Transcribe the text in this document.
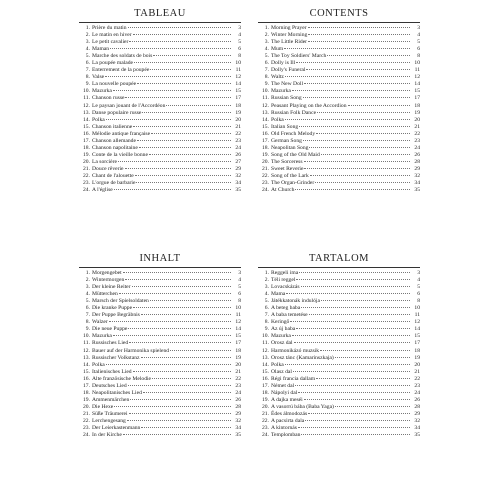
TABLEAU
1. Prière du matin	3
2. Le matin en hiver	4
3. Le petit cavalier	5
4. Maman	6
5. Marche des soldats de bois	8
6. La poupée malade	10
7. Enterrement de la poupée	11
8. Valse	12
9. La nouvelle poupée	14
10. Mazurka	15
11. Chanson russe	17
12. Le paysan jouant de l'Accordéon	18
13. Danse populaire russe	19
14. Polka	20
15. Chanson italienne	21
16. Mélodie antique française	22
17. Chanson allemande	23
18. Chanson napolitaine	24
19. Conte de la vieille bonne	26
20. La sorcière	27
21. Douce rêverie	29
22. Chant de l'alouette	32
23. L'orgue de barbarie	34
24. A l'église	35
CONTENTS
1. Morning Prayer	3
2. Winter Morning	4
3. The Little Rider	5
4. Mum	6
5. The Toy Soldiers' March	8
6. Dolly is Ill	10
7. Dolly's Funeral	11
8. Waltz	12
9. The New Doll	14
10. Mazurka	15
11. Russian Song	17
12. Peasant Playing on the Accordion	18
13. Russian Folk Dance	19
14. Polka	20
15. Italian Song	21
16. Old French Melody	22
17. German Song	23
18. Neapolitan Song	24
19. Song of the Old Maid	26
20. The Sorceress	28
21. Sweet Reverie	29
22. Song of the Lark	32
23. The Organ-Grinder	34
24. At Church	35
INHALT
1. Morgengebet	3
2. Wintermorgen	4
3. Der kleine Reiter	5
4. Mütterchen	6
5. Marsch der Spielsoldaten	8
6. Die kranke Puppe	10
7. Der Puppe Begräbnis	11
8. Walzer	12
9. Die neue Puppe	14
10. Mazurka	15
11. Russisches Lied	17
12. Bauer auf der Harmonika spielend	18
13. Russischer Volkstanz	19
14. Polka	20
15. Italienisches Lied	21
16. Alte französische Melodie	22
17. Deutsches Lied	23
18. Neapolitanisches Lied	24
19. Ammenmärchen	26
20. Die Hexe	28
21. Süße Träumerei	29
22. Lerchengesang	32
23. Der Leierkastenmann	34
24. In der Kirche	35
TARTALOM
1. Reggeli ima	3
2. Téli reggel	4
3. Lovacskázás	5
4. Mama	6
5. Játékkatonák indulója	8
6. A beteg baba	10
7. A baba temetése	11
8. Keringő	12
9. Az új baba	14
10. Mazurka	15
11. Orosz dal	17
12. Harmonikázó muzsik	18
13. Orosz tánc (Kamarinszkaja)	19
14. Polka	20
15. Olasz dal	21
16. Régi francia dallam	22
17. Német dal	23
18. Nápolyi dal	24
19. A dajka meséi	26
20. A vasorrú bába (Baba Yaga)	28
21. Édes álmodozás	29
22. A pacsirta dala	32
23. A kintornás	34
24. Templomban	35
